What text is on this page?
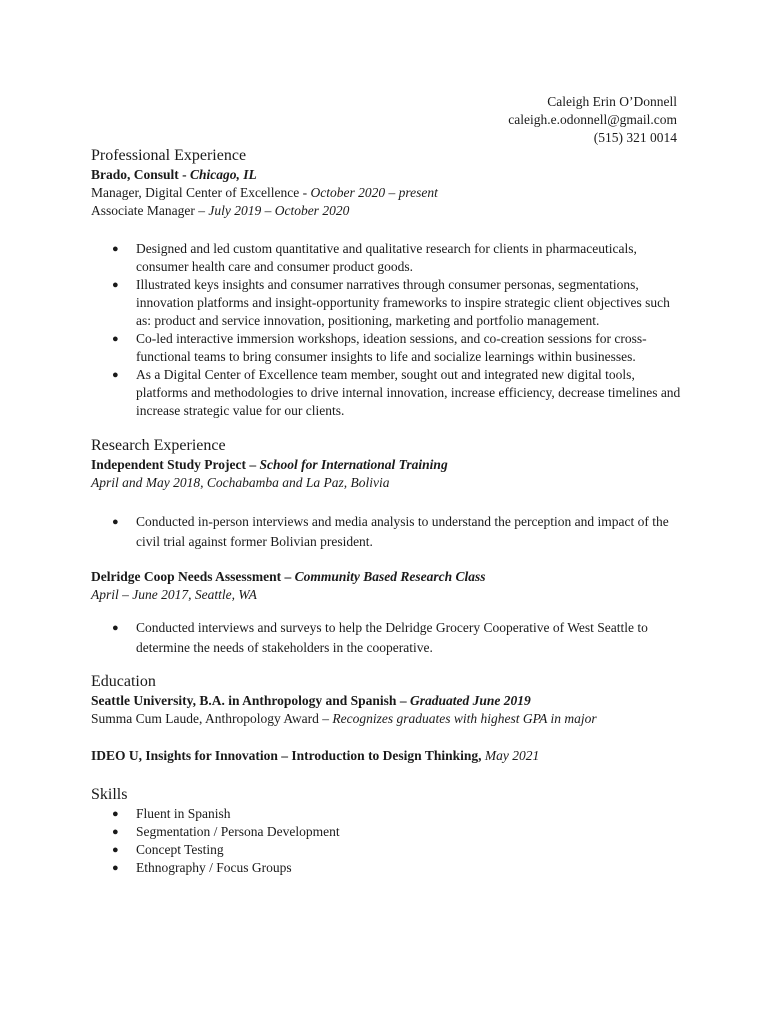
Caleigh Erin O’Donnell
caleigh.e.odonnell@gmail.com
(515) 321 0014
Professional Experience
Brado, Consult - Chicago, IL
Manager, Digital Center of Excellence - October 2020 – present
Associate Manager – July 2019 – October 2020
● Designed and led custom quantitative and qualitative research for clients in pharmaceuticals, consumer health care and consumer product goods.
● Illustrated keys insights and consumer narratives through consumer personas, segmentations, innovation platforms and insight-opportunity frameworks to inspire strategic client objectives such as: product and service innovation, positioning, marketing and portfolio management.
● Co-led interactive immersion workshops, ideation sessions, and co-creation sessions for cross-functional teams to bring consumer insights to life and socialize learnings within businesses.
● As a Digital Center of Excellence team member, sought out and integrated new digital tools, platforms and methodologies to drive internal innovation, increase efficiency, decrease timelines and increase strategic value for our clients.
Research Experience
Independent Study Project – School for International Training
April and May 2018, Cochabamba and La Paz, Bolivia
● Conducted in-person interviews and media analysis to understand the perception and impact of the civil trial against former Bolivian president.
Delridge Coop Needs Assessment – Community Based Research Class
April – June 2017, Seattle, WA
● Conducted interviews and surveys to help the Delridge Grocery Cooperative of West Seattle to determine the needs of stakeholders in the cooperative.
Education
Seattle University, B.A. in Anthropology and Spanish – Graduated June 2019
Summa Cum Laude, Anthropology Award – Recognizes graduates with highest GPA in major
IDEO U, Insights for Innovation – Introduction to Design Thinking, May 2021
Skills
● Fluent in Spanish
● Segmentation / Persona Development
● Concept Testing
● Ethnography / Focus Groups
